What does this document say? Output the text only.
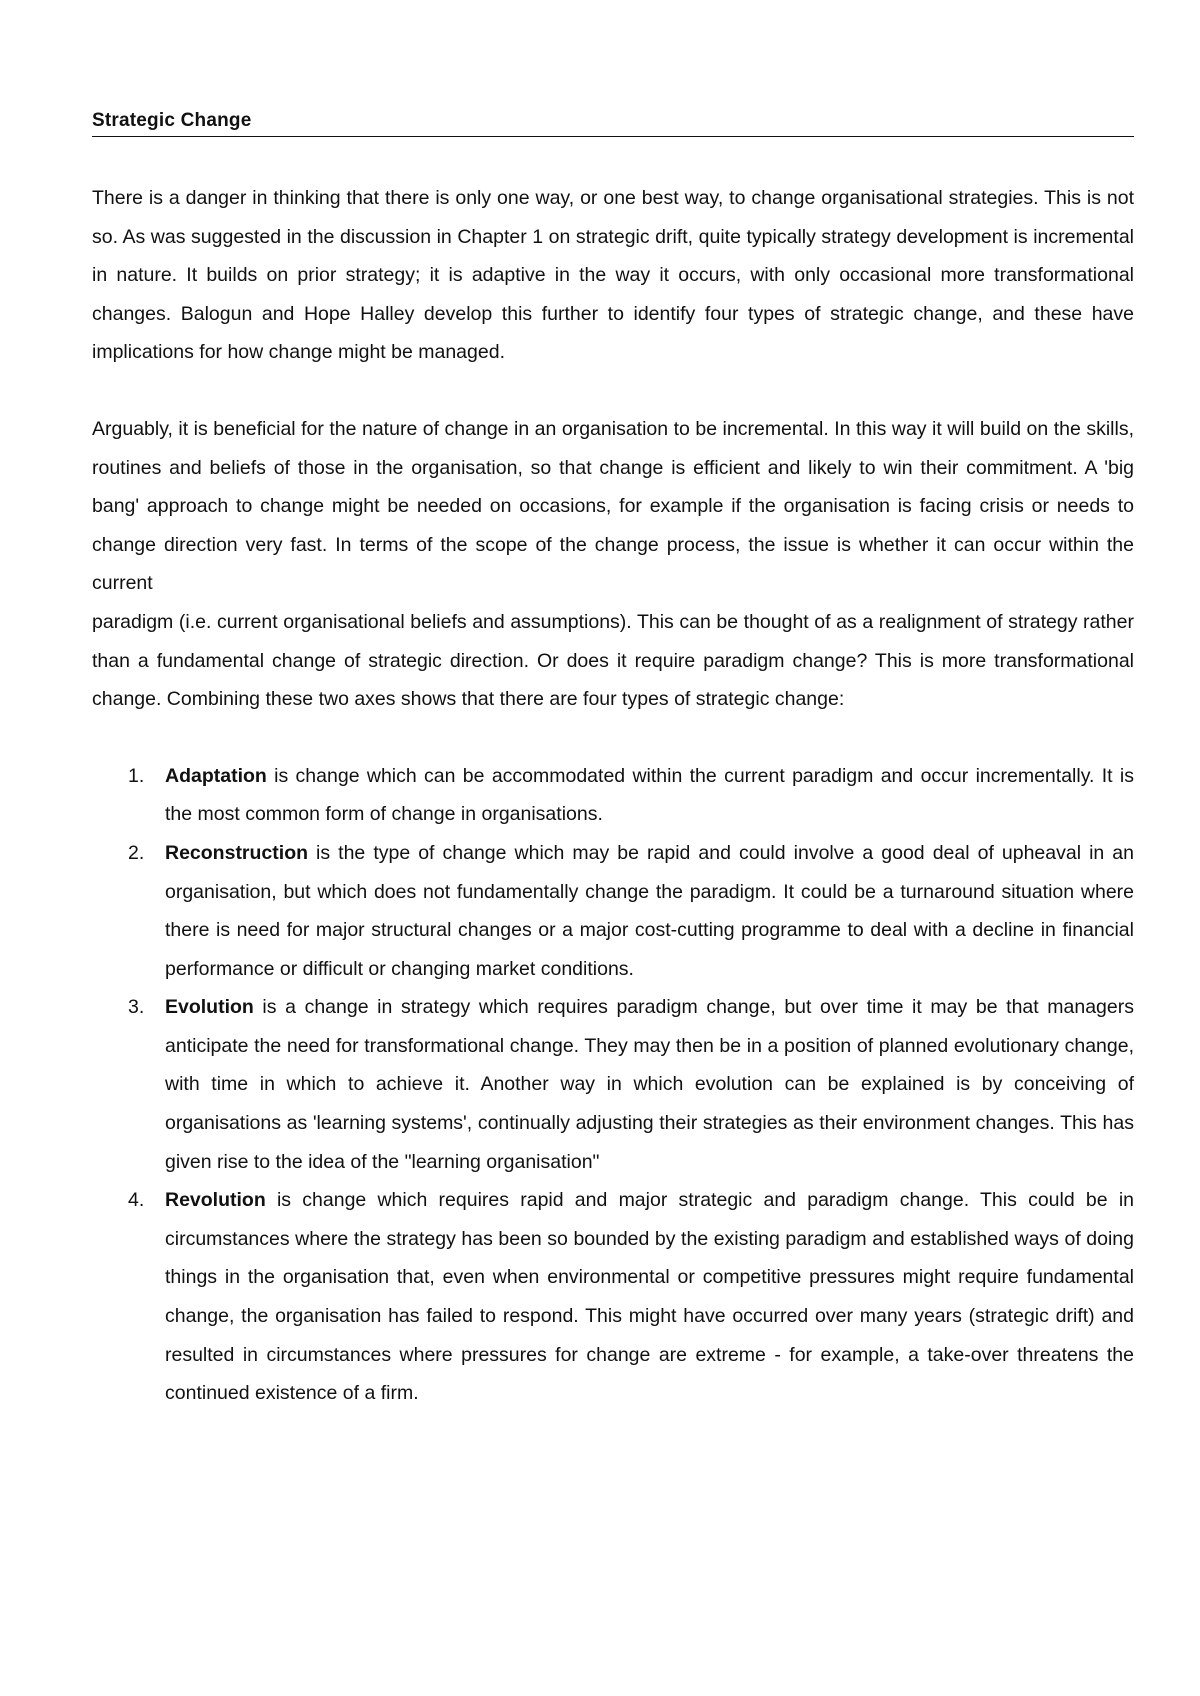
Strategic Change

There is a danger in thinking that there is only one way, or one best way, to change organisational strategies. This is not so. As was suggested in the discussion in Chapter 1 on strategic drift, quite typically strategy development is incremental in nature. It builds on prior strategy; it is adaptive in the way it occurs, with only occasional more transformational changes. Balogun and Hope Halley develop this further to identify four types of strategic change, and these have implications for how change might be managed.

Arguably, it is beneficial for the nature of change in an organisation to be incremental. In this way it will build on the skills, routines and beliefs of those in the organisation, so that change is efficient and likely to win their commitment. A 'big bang' approach to change might be needed on occasions, for example if the organisation is facing crisis or needs to change direction very fast. In terms of the scope of the change process, the issue is whether it can occur within the current

paradigm (i.e. current organisational beliefs and assumptions). This can be thought of as a realignment of strategy rather than a fundamental change of strategic direction. Or does it require paradigm change? This is more transformational change. Combining these two axes shows that there are four types of strategic change:

1. Adaptation is change which can be accommodated within the current paradigm and occur incrementally. It is the most common form of change in organisations.
2. Reconstruction is the type of change which may be rapid and could involve a good deal of upheaval in an organisation, but which does not fundamentally change the paradigm. It could be a turnaround situation where there is need for major structural changes or a major cost-cutting programme to deal with a decline in financial performance or difficult or changing market conditions.
3. Evolution is a change in strategy which requires paradigm change, but over time it may be that managers anticipate the need for transformational change. They may then be in a position of planned evolutionary change, with time in which to achieve it. Another way in which evolution can be explained is by conceiving of organisations as 'learning systems', continually adjusting their strategies as their environment changes. This has given rise to the idea of the "learning organisation"
4. Revolution is change which requires rapid and major strategic and paradigm change. This could be in circumstances where the strategy has been so bounded by the existing paradigm and established ways of doing things in the organisation that, even when environmental or competitive pressures might require fundamental change, the organisation has failed to respond. This might have occurred over many years (strategic drift) and resulted in circumstances where pressures for change are extreme - for example, a take-over threatens the continued existence of a firm.
